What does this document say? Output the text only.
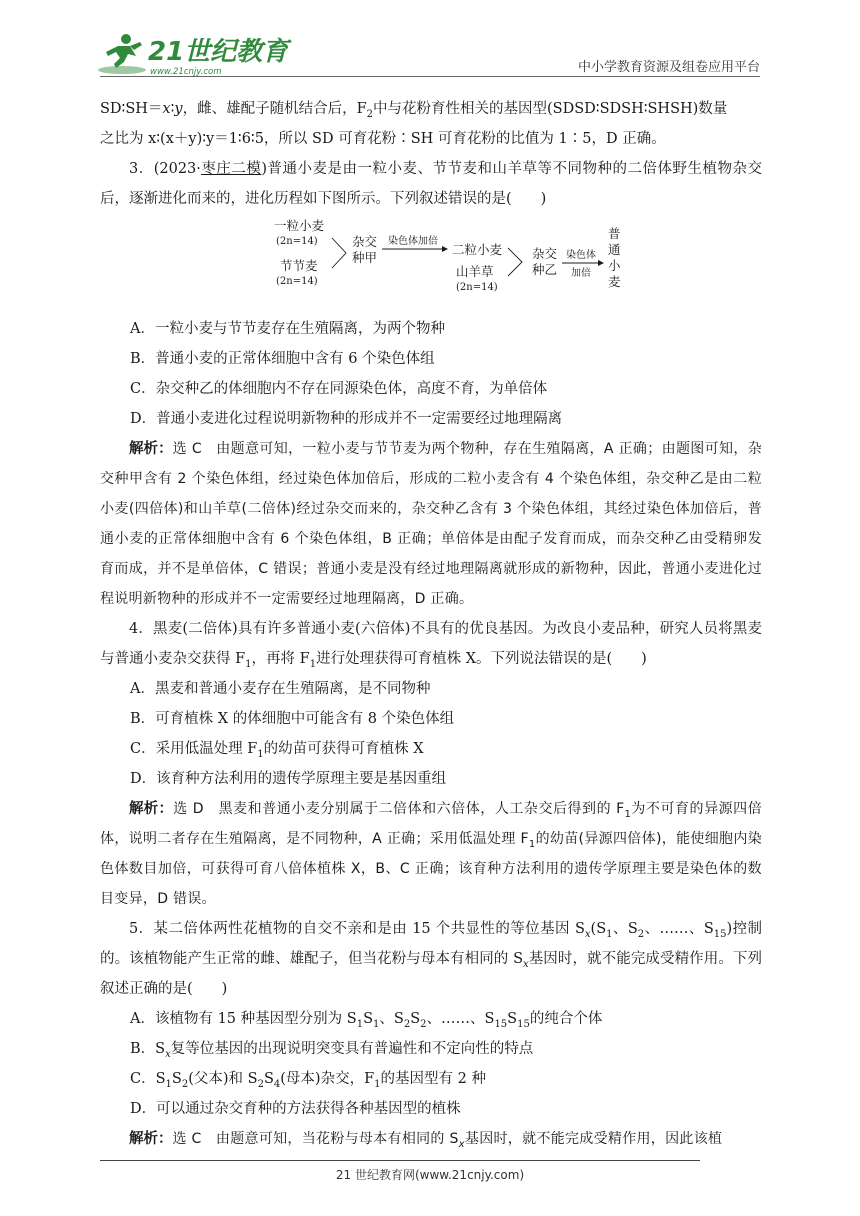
21世纪教育
www.21cnjy.com	中小学教育资源及组卷应用平台

SD∶SH＝x∶y，雌、雄配子随机结合后，$F_2$中与花粉育性相关的基因型(SDSD∶SDSH∶SHSH)数量

之比为 x∶(x＋y)∶y＝1∶6∶5，所以 SD 可育花粉∶SH 可育花粉的比值为 1∶5，D 正确。

3．(2023·枣庄二模)普通小麦是由一粒小麦、节节麦和山羊草等不同物种的二倍体野生植物杂交后，逐渐进化而来的，进化历程如下图所示。下列叙述错误的是(　　)

一粒小麦
(2n=14)
节节麦
(2n=14)
杂交
种甲
染色体加倍
二粒小麦
山羊草
(2n=14)
杂交
种乙
染色体
加倍
普
通
小
麦

A．一粒小麦与节节麦存在生殖隔离，为两个物种

B．普通小麦的正常体细胞中含有 6 个染色体组

C．杂交种乙的体细胞内不存在同源染色体，高度不育，为单倍体

D．普通小麦进化过程说明新物种的形成并不一定需要经过地理隔离

解析：选 C　由题意可知，一粒小麦与节节麦为两个物种，存在生殖隔离，A 正确；由题图可知，杂交种甲含有 2 个染色体组，经过染色体加倍后，形成的二粒小麦含有 4 个染色体组，杂交种乙是由二粒小麦(四倍体)和山羊草(二倍体)经过杂交而来的，杂交种乙含有 3 个染色体组，其经过染色体加倍后，普通小麦的正常体细胞中含有 6 个染色体组，B 正确；单倍体是由配子发育而成，而杂交种乙由受精卵发育而成，并不是单倍体，C 错误；普通小麦是没有经过地理隔离就形成的新物种，因此，普通小麦进化过程说明新物种的形成并不一定需要经过地理隔离，D 正确。

4．黑麦(二倍体)具有许多普通小麦(六倍体)不具有的优良基因。为改良小麦品种，研究人员将黑麦与普通小麦杂交获得 $F_1$，再将 $F_1$进行处理获得可育植株 X。下列说法错误的是(　　)

A．黑麦和普通小麦存在生殖隔离，是不同物种

B．可育植株 X 的体细胞中可能含有 8 个染色体组

C．采用低温处理 $F_1$的幼苗可获得可育植株 X

D．该育种方法利用的遗传学原理主要是基因重组

解析：选 D　黑麦和普通小麦分别属于二倍体和六倍体，人工杂交后得到的 $F_1$为不可育的异源四倍体，说明二者存在生殖隔离，是不同物种，A 正确；采用低温处理 $F_1$的幼苗(异源四倍体)，能使细胞内染色体数目加倍，可获得可育八倍体植株 X，B、C 正确；该育种方法利用的遗传学原理主要是染色体的数目变异，D 错误。

5．某二倍体两性花植物的自交不亲和是由 15 个共显性的等位基因 $S_x(S_1$、$S_2$、……、$S_{15}$)控制的。该植物能产生正常的雌、雄配子，但当花粉与母本有相同的 $S_x$基因时，就不能完成受精作用。下列叙述正确的是(　　)

A．该植物有 15 种基因型分别为 $S_1S_1$、$S_2S_2$、……、$S_{15}S_{15}$的纯合个体

B．$S_x$复等位基因的出现说明突变具有普遍性和不定向性的特点

C．$S_1S_2$(父本)和 $S_2S_4$(母本)杂交，$F_1$的基因型有 2 种

D．可以通过杂交育种的方法获得各种基因型的植株

解析：选 C　由题意可知，当花粉与母本有相同的 $S_x$基因时，就不能完成受精作用，因此该植

21 世纪教育网(www.21cnjy.com)
